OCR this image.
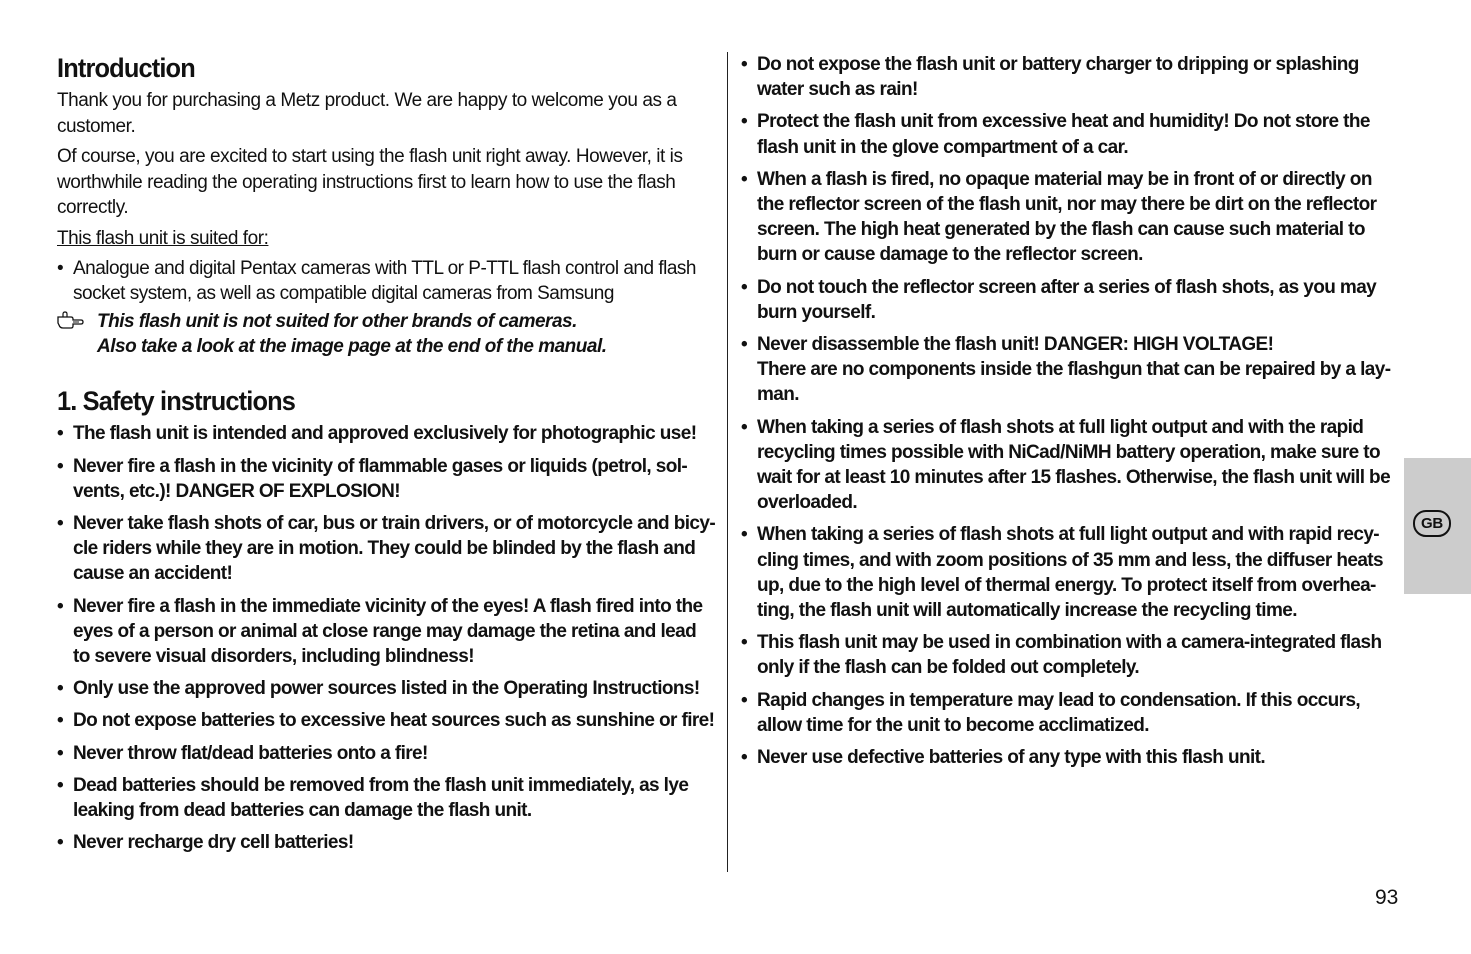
Introduction

Thank you for purchasing a Metz product. We are happy to welcome you as a customer.

Of course, you are excited to start using the flash unit right away. However, it is worthwhile reading the operating instructions first to learn how to use the flash correctly.

This flash unit is suited for:

• Analogue and digital Pentax cameras with TTL or P-TTL flash control and flash socket system, as well as compatible digital cameras from Samsung
This flash unit is not suited for other brands of cameras.
Also take a look at the image page at the end of the manual.
1. Safety instructions
• The flash unit is intended and approved exclusively for photographic use!
• Never fire a flash in the vicinity of flammable gases or liquids (petrol, sol-vents, etc.)! DANGER OF EXPLOSION!
• Never take flash shots of car, bus or train drivers, or of motorcycle and bicy-cle riders while they are in motion. They could be blinded by the flash and cause an accident!
• Never fire a flash in the immediate vicinity of the eyes! A flash fired into the eyes of a person or animal at close range may damage the retina and lead to severe visual disorders, including blindness!
• Only use the approved power sources listed in the Operating Instructions!
• Do not expose batteries to excessive heat sources such as sunshine or fire!
• Never throw flat/dead batteries onto a fire!
• Dead batteries should be removed from the flash unit immediately, as lye leaking from dead batteries can damage the flash unit.
• Never recharge dry cell batteries!
• Do not expose the flash unit or battery charger to dripping or splashing water such as rain!
• Protect the flash unit from excessive heat and humidity! Do not store the flash unit in the glove compartment of a car.
• When a flash is fired, no opaque material may be in front of or directly on the reflector screen of the flash unit, nor may there be dirt on the reflector screen. The high heat generated by the flash can cause such material to burn or cause damage to the reflector screen.
• Do not touch the reflector screen after a series of flash shots, as you may burn yourself.
• Never disassemble the flash unit! DANGER: HIGH VOLTAGE!
There are no components inside the flashgun that can be repaired by a lay-man.
• When taking a series of flash shots at full light output and with the rapid recycling times possible with NiCad/NiMH battery operation, make sure to wait for at least 10 minutes after 15 flashes. Otherwise, the flash unit will be overloaded.
• When taking a series of flash shots at full light output and with rapid recy-cling times, and with zoom positions of 35 mm and less, the diffuser heats up, due to the high level of thermal energy. To protect itself from overhea-ting, the flash unit will automatically increase the recycling time.
• This flash unit may be used in combination with a camera-integrated flash only if the flash can be folded out completely.
• Rapid changes in temperature may lead to condensation. If this occurs, allow time for the unit to become acclimatized.
• Never use defective batteries of any type with this flash unit.
GB
93
